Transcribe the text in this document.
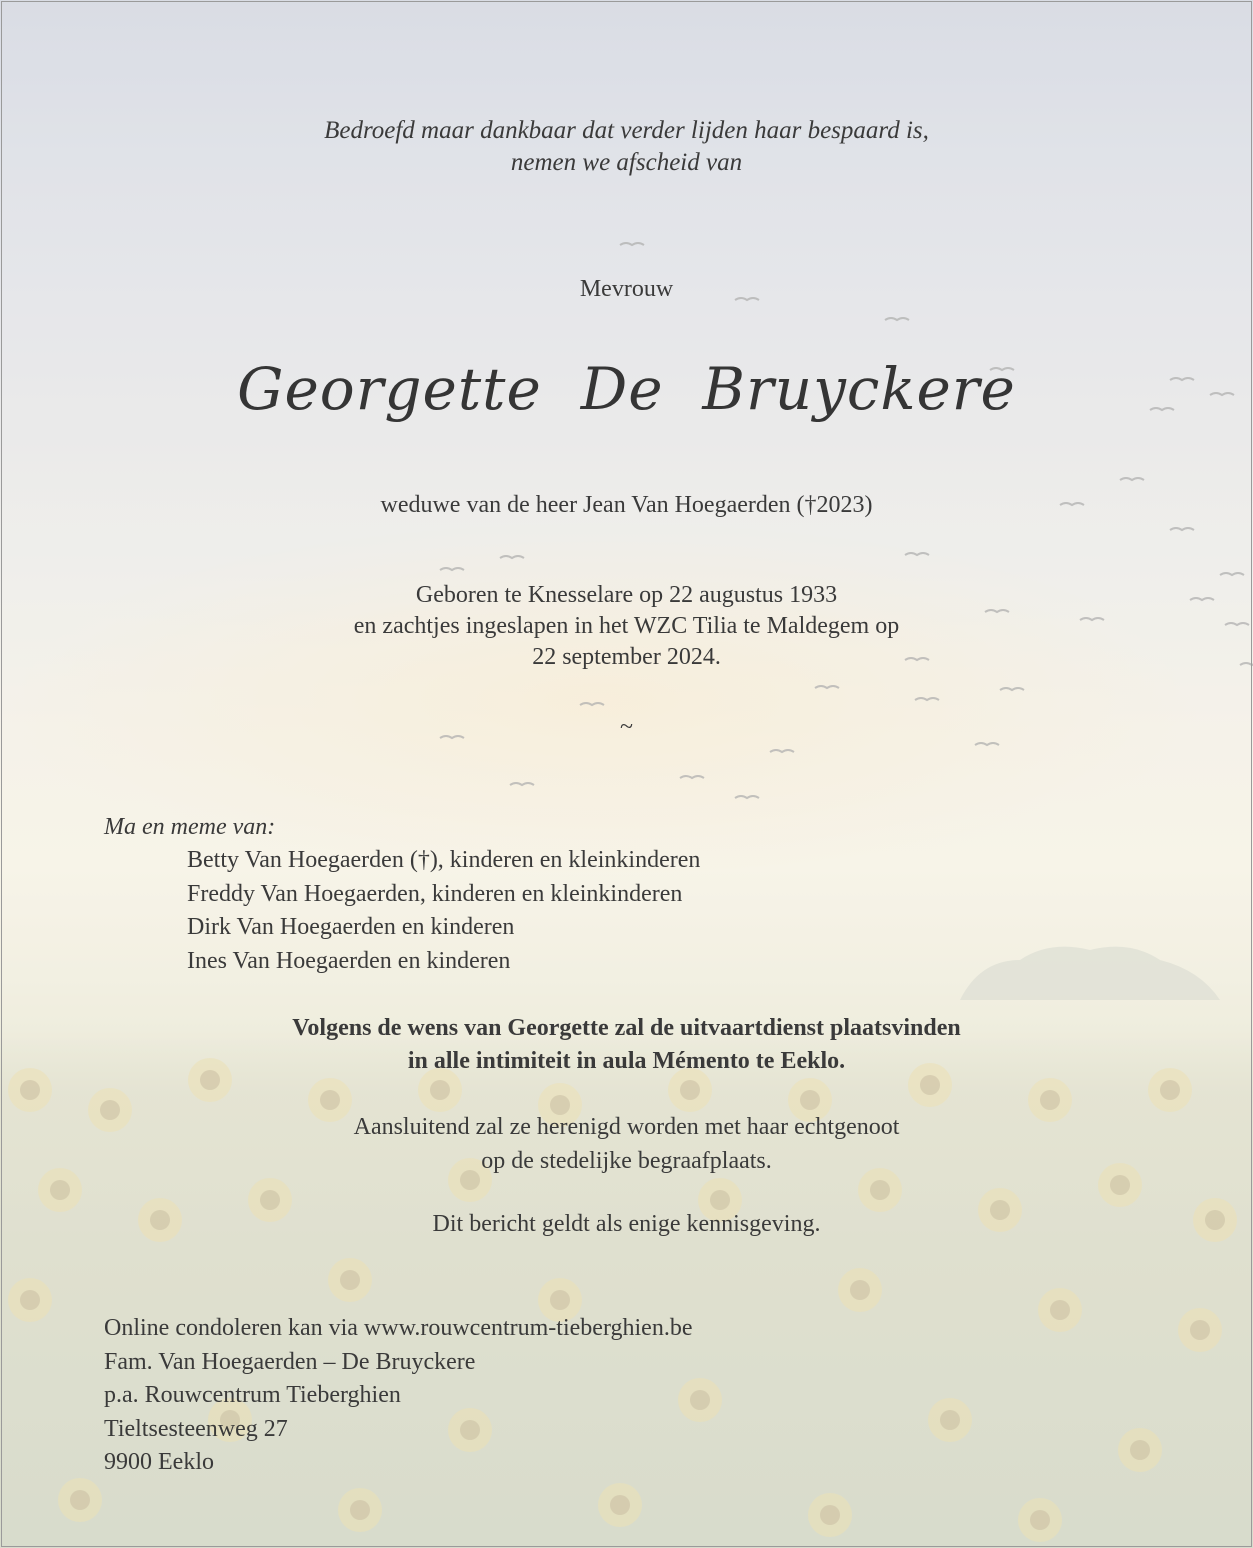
Bedroefd maar dankbaar dat verder lijden haar bespaard is,
nemen we afscheid van
Mevrouw
Georgette  De  Bruyckere
weduwe van de heer Jean Van Hoegaerden (†2023)
Geboren te Knesselare op 22 augustus 1933
en zachtjes ingeslapen in het WZC Tilia te Maldegem op
22 september 2024.
~
Ma en meme van:
Betty Van Hoegaerden (†), kinderen en kleinkinderen
Freddy Van Hoegaerden, kinderen en kleinkinderen
Dirk Van Hoegaerden en kinderen
Ines Van Hoegaerden en kinderen
Volgens de wens van Georgette zal de uitvaartdienst plaatsvinden
in alle intimiteit in aula Mémento te Eeklo.
Aansluitend zal ze herenigd worden met haar echtgenoot
op de stedelijke begraafplaats.
Dit bericht geldt als enige kennisgeving.
Online condoleren kan via www.rouwcentrum-tieberghien.be
Fam. Van Hoegaerden – De Bruyckere
p.a. Rouwcentrum Tieberghien
Tieltsesteenweg 27
9900 Eeklo
